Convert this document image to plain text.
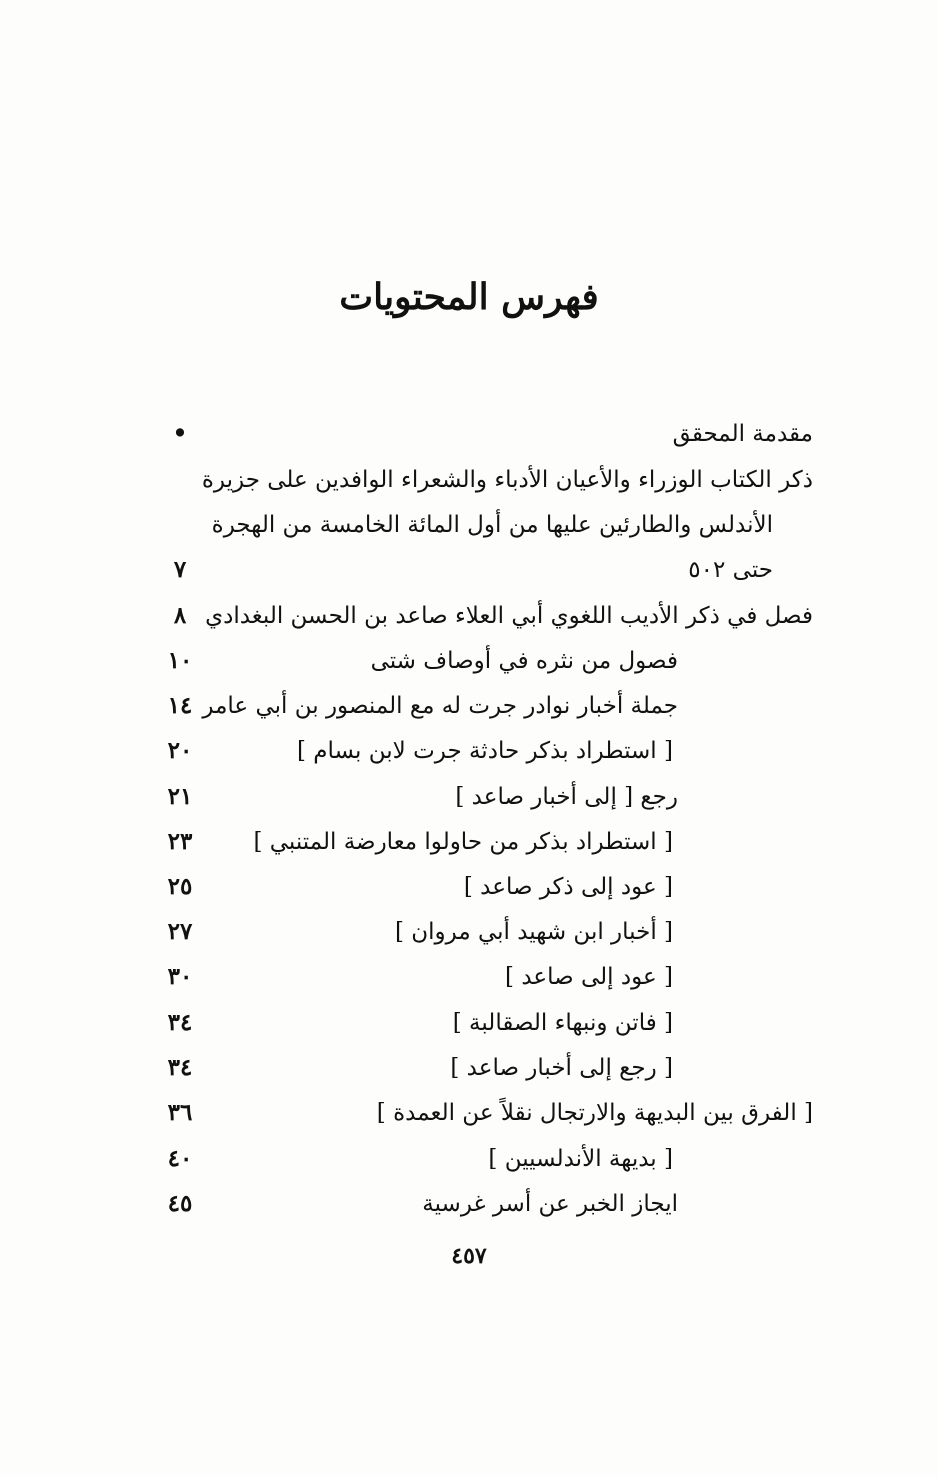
فهرس المحتويات
مقدمة المحقق
•
ذكر الكتاب الوزراء والأعيان الأدباء والشعراء الوافدين على جزيرة
الأندلس والطارئين عليها من أول المائة الخامسة من الهجرة
حتى ٥٠٢
٧
فصل في ذكر الأديب اللغوي أبي العلاء صاعد بن الحسن البغدادي
٨
فصول من نثره في أوصاف شتى
١٠
جملة أخبار نوادر جرت له مع المنصور بن أبي عامر
١٤
[ استطراد بذكر حادثة جرت لابن بسام ]
٢٠
رجع [ إلى أخبار صاعد ]
٢١
[ استطراد بذكر من حاولوا معارضة المتنبي ]
٢٣
[ عود إلى ذكر صاعد ]
٢٥
[ أخبار ابن شهيد أبي مروان ]
٢٧
[ عود إلى صاعد ]
٣٠
[ فاتن ونبهاء الصقالبة ]
٣٤
[ رجع إلى أخبار صاعد ]
٣٤
[ الفرق بين البديهة والارتجال نقلاً عن العمدة ]
٣٦
[ بديهة الأندلسيين ]
٤٠
ايجاز الخبر عن أسر غرسية
٤٥
٤٥٧
